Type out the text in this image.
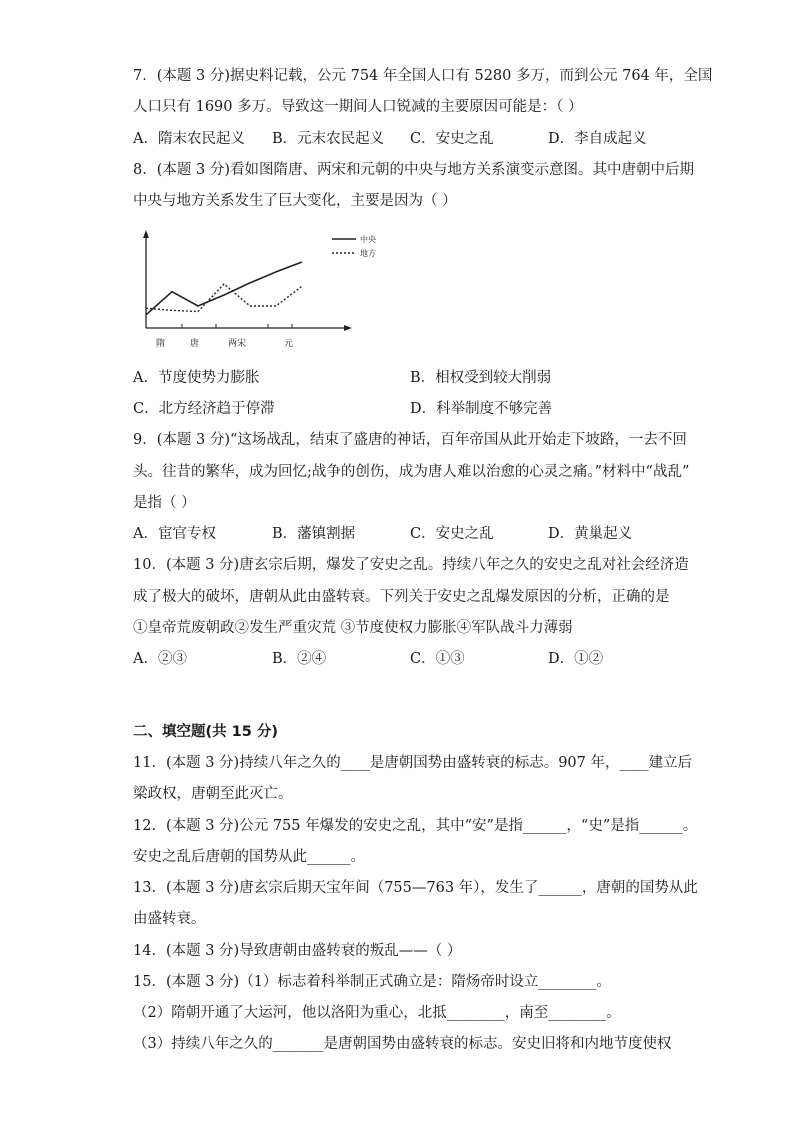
7．(本题 3 分)据史料记载，公元 754 年全国人口有 5280 多万，而到公元 764 年，全国
人口只有 1690 多万。导致这一期间人口锐减的主要原因可能是：（ ）
A．隋末农民起义 B．元末农民起义 C．安史之乱	D．李自成起义
8．(本题 3 分)看如图隋唐、两宋和元朝的中央与地方关系演变示意图。其中唐朝中后期
中央与地方关系发生了巨大变化，主要是因为（ ）
隋	唐	两宋	元
中央
地方
A．节度使势力膨胀	B．相权受到较大削弱
C．北方经济趋于停滞	D．科举制度不够完善
9．(本题 3 分)“这场战乱，结束了盛唐的神话，百年帝国从此开始走下坡路，一去不回
头。往昔的繁华，成为回忆;战争的创伤，成为唐人难以治愈的心灵之痛。”材料中“战乱”
是指（ ）
A．宦官专权	B．藩镇割据	C．安史之乱	D．黄巢起义
10．(本题 3 分)唐玄宗后期，爆发了安史之乱。持续八年之久的安史之乱对社会经济造
成了极大的破坏，唐朝从此由盛转衰。下列关于安史之乱爆发原因的分析，正确的是
①皇帝荒废朝政②发生严重灾荒 ③节度使权力膨胀④军队战斗力薄弱
A．②③	B．②④	C．①③	D．①②
二、填空题(共 15 分)
11．(本题 3 分)持续八年之久的____是唐朝国势由盛转衰的标志。907 年，____建立后
梁政权，唐朝至此灭亡。
12．(本题 3 分)公元 755 年爆发的安史之乱，其中“安”是指______，“史”是指______。
安史之乱后唐朝的国势从此______。
13．(本题 3 分)唐玄宗后期天宝年间（755—763 年），发生了______，唐朝的国势从此
由盛转衰。
14．(本题 3 分)导致唐朝由盛转衰的叛乱——（ ）
15．(本题 3 分)（1）标志着科举制正式确立是：隋炀帝时设立________。
（2）隋朝开通了大运河，他以洛阳为重心，北抵________，南至________。
（3）持续八年之久的_______是唐朝国势由盛转衰的标志。安史旧将和内地节度使权
